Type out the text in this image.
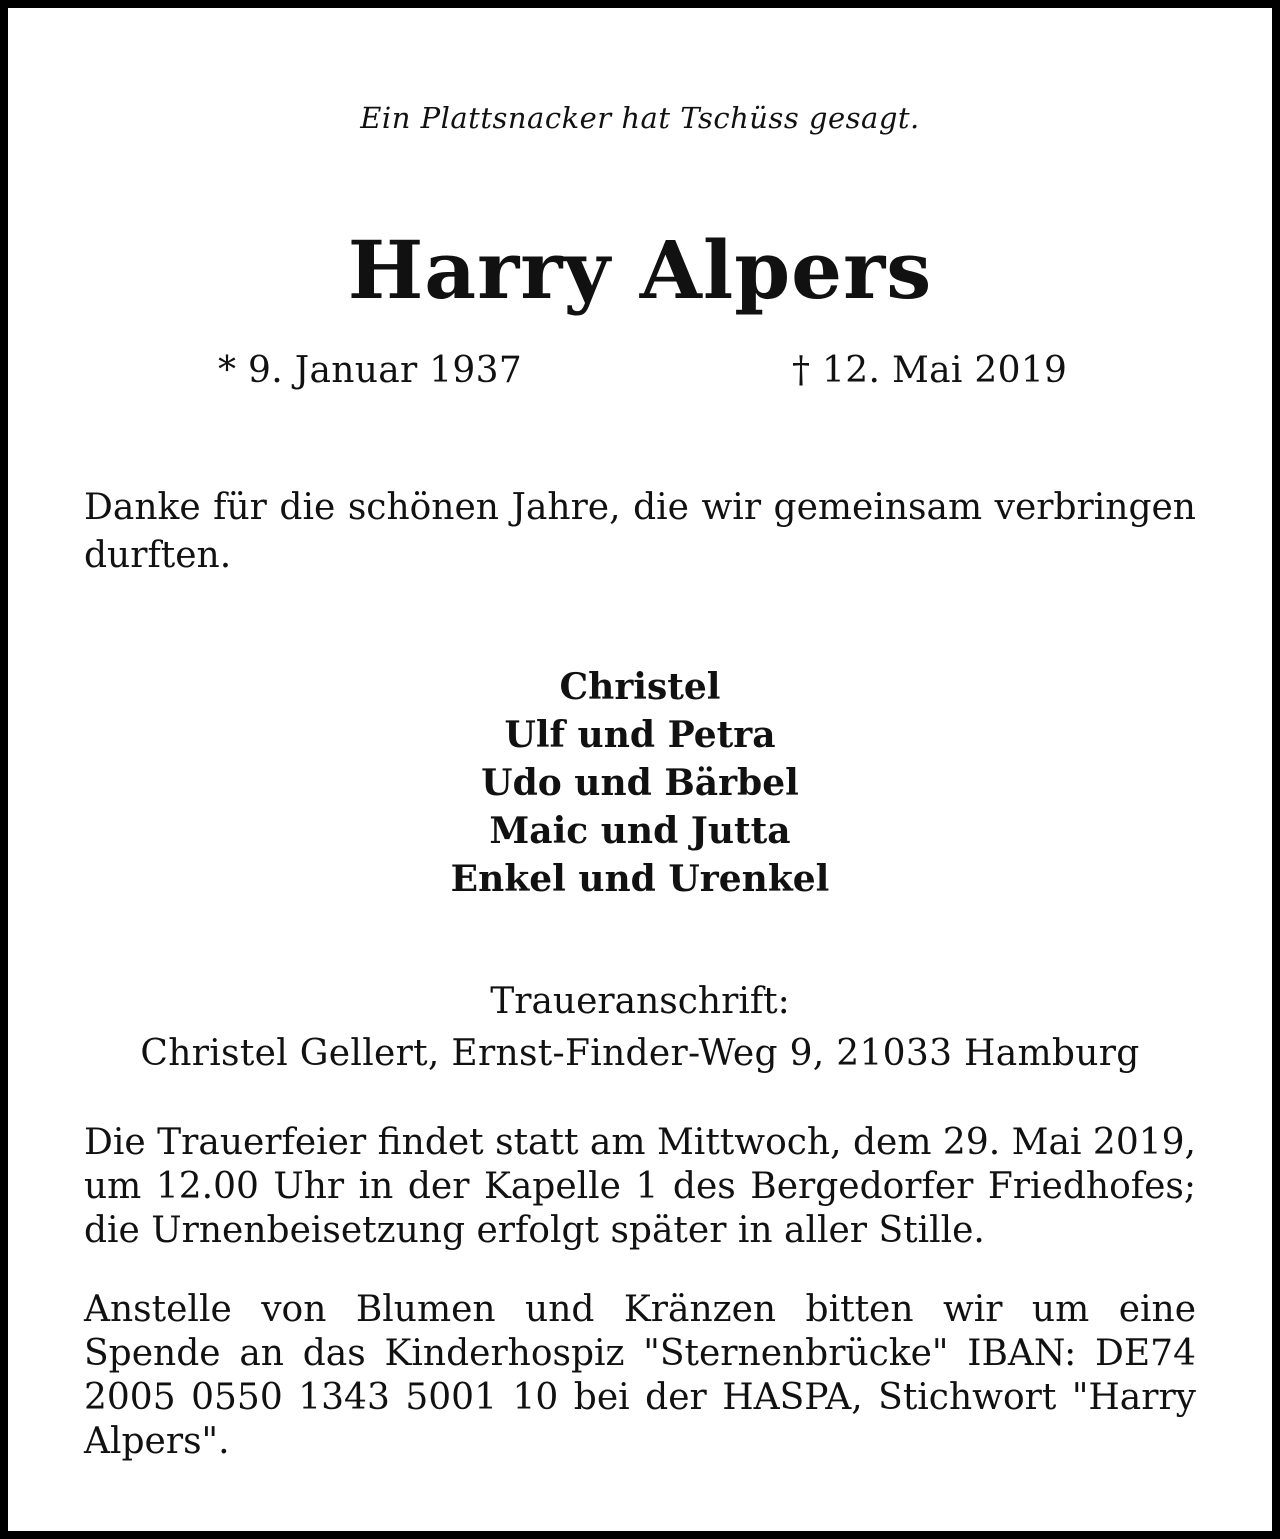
Ein Plattsnacker hat Tschüss gesagt.
Harry Alpers
* 9. Januar 1937	† 12. Mai 2019
Danke für die schönen Jahre, die wir gemeinsam verbringen durften.
Christel
Ulf und Petra
Udo und Bärbel
Maic und Jutta
Enkel und Urenkel
Traueranschrift:
Christel Gellert, Ernst-Finder-Weg 9, 21033 Hamburg
Die Trauerfeier findet statt am Mittwoch, dem 29. Mai 2019, um 12.00 Uhr in der Kapelle 1 des Bergedorfer Friedhofes; die Urnenbeisetzung erfolgt später in aller Stille.
Anstelle von Blumen und Kränzen bitten wir um eine Spende an das Kinderhospiz "Sternenbrücke" IBAN: DE74 2005 0550 1343 5001 10 bei der HASPA, Stichwort "Harry Alpers".
